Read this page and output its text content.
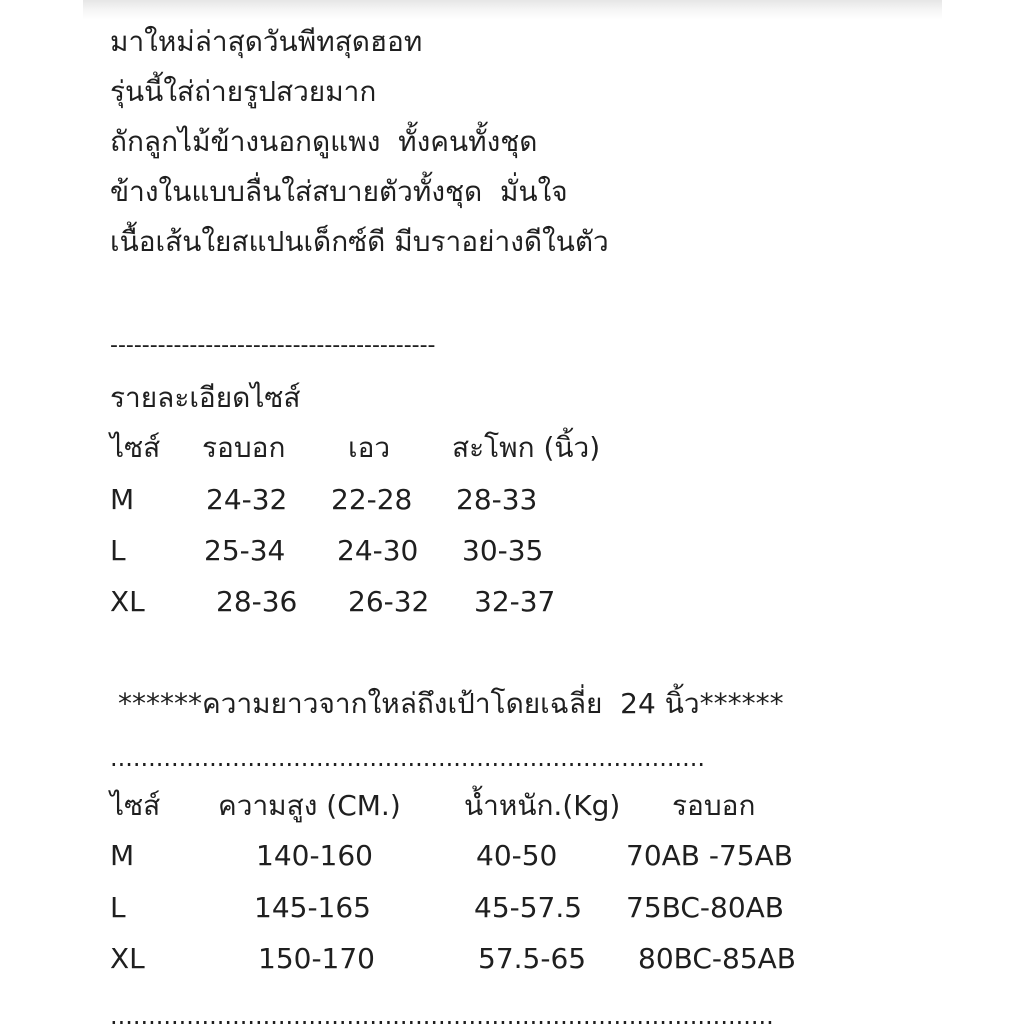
มาใหม่ล่าสุดวันพีทสุดฮอท
รุ่นนี้ใส่ถ่ายรูปสวยมาก
ถักลูกไม้ข้างนอกดูแพง  ทั้งคนทั้งชุด
ข้างในแบบลื่นใส่สบายตัวทั้งชุด  มั่นใจ
เนื้อเส้นใยสแปนเด็กซ์ดี มีบราอย่างดีในตัว
-----------------------------------------
รายละเอียดไซส์
ไซส์ รอบอก เอว สะโพก (นิ้ว)
M	24-32 22-28 28-33
L	25-34 24-30 30-35
XL	28-36 26-32 32-37
******ความยาวจากใหล่ถึงเป้าโดยเฉลี่ย  24 นิ้ว******
..............................................................................
ไซส์ ความสูง (CM.) น้ำหนัก.(Kg) รอบอก
M	140-160	40-50 70AB -75AB
L	145-165	45-57.5 75BC-80AB
XL	150-170	57.5-65 80BC-85AB
.......................................................................................
